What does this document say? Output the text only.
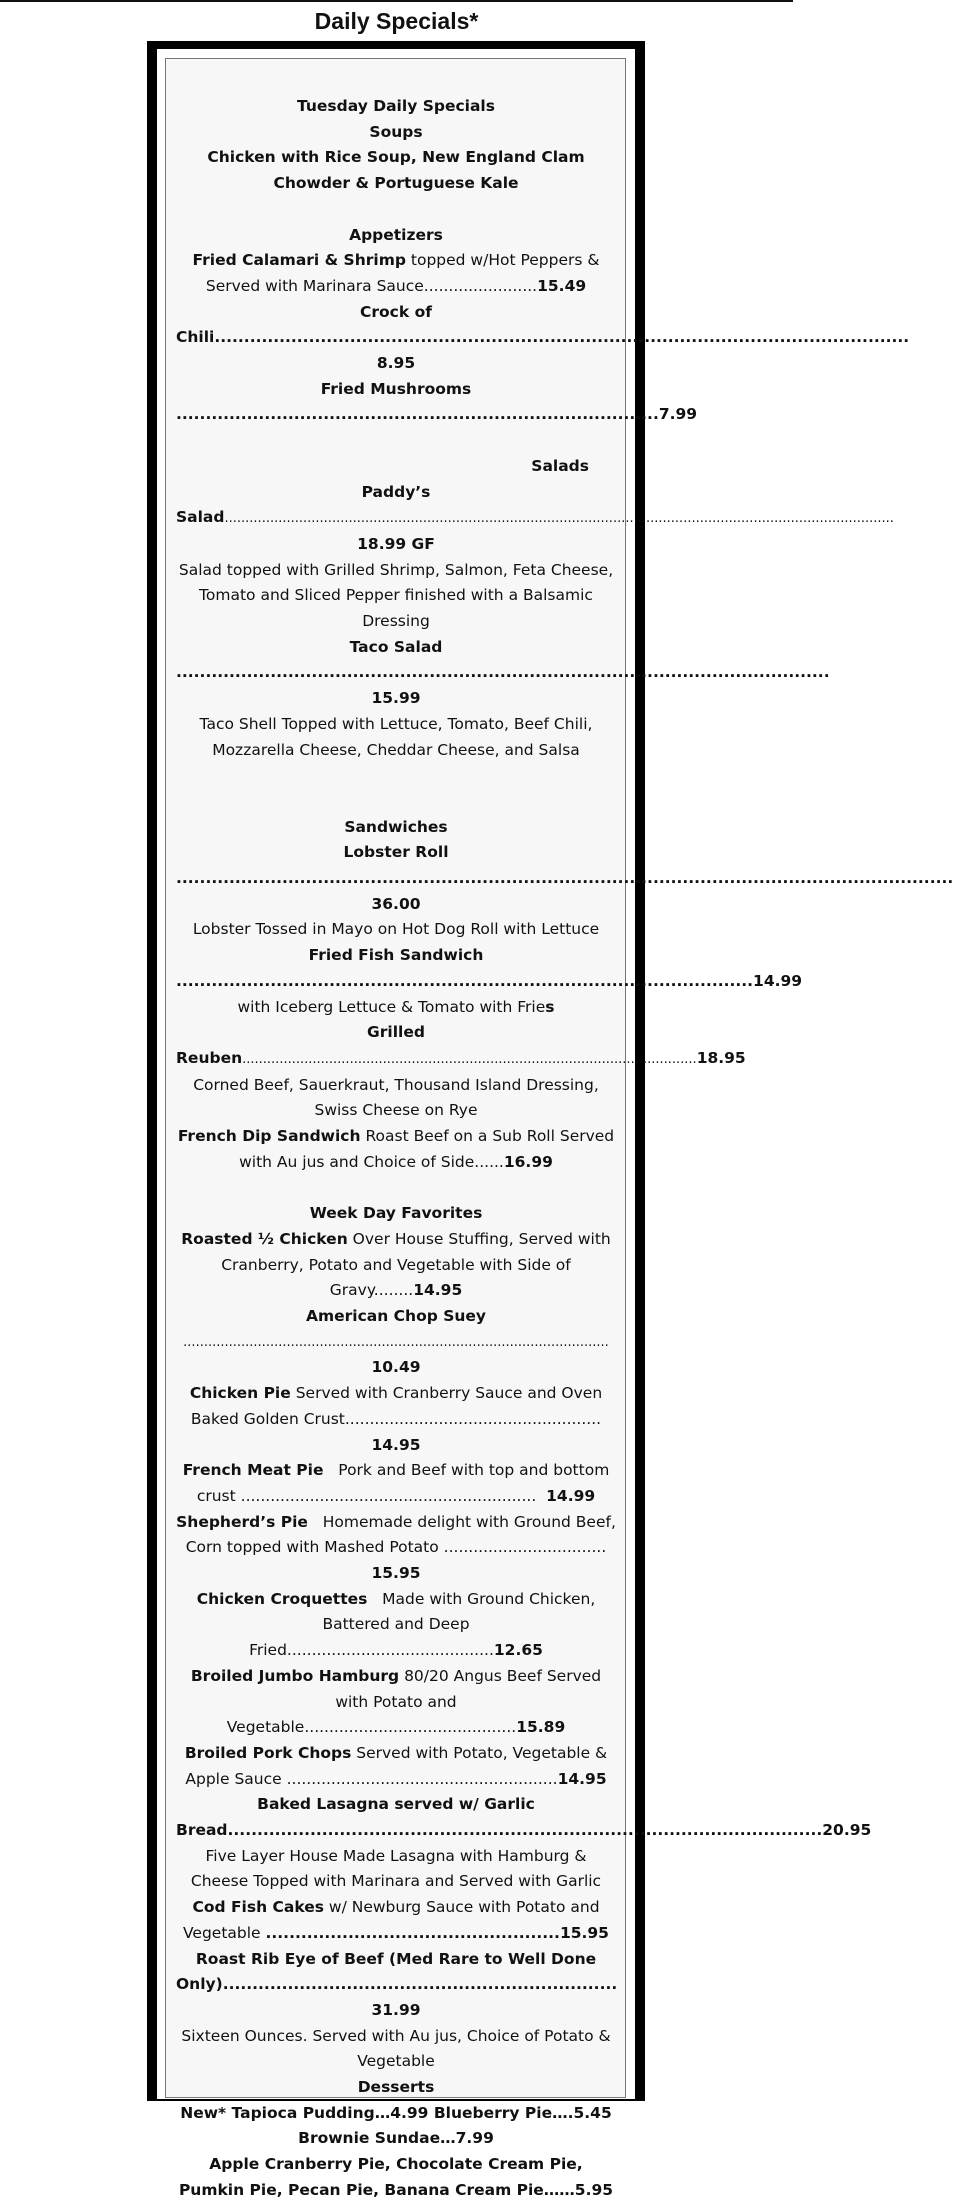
Daily Specials*

Tuesday Daily Specials

Soups

Chicken with Rice Soup, New England Clam Chowder & Portuguese Kale

Appetizers

Fried Calamari & Shrimp topped w/Hot Peppers & Served with Marinara Sauce.......................15.49

Crock of

Chili......................................................................................................................

8.95

Fried Mushrooms

..................................................................................7.99

Salads

Paddy’s

Salad..................................................................................................................................................................

18.99 GF

Salad topped with Grilled Shrimp, Salmon, Feta Cheese, Tomato and Sliced Pepper finished with a Balsamic Dressing

Taco Salad

...............................................................................................................

15.99

Taco Shell Topped with Lettuce, Tomato, Beef Chili, Mozzarella Cheese, Cheddar Cheese, and Salsa

Sandwiches

Lobster Roll

....................................................................................................................................

36.00

Lobster Tossed in Mayo on Hot Dog Roll with Lettuce

Fried Fish Sandwich

..................................................................................................14.99

with Iceberg Lettuce & Tomato with Fries

Grilled

Reuben..............................................................................................................18.95

Corned Beef, Sauerkraut, Thousand Island Dressing, Swiss Cheese on Rye

French Dip Sandwich Roast Beef on a Sub Roll Served with Au jus and Choice of Side......16.99

Week Day Favorites

Roasted ½ Chicken Over House Stuffing, Served with Cranberry, Potato and Vegetable with Side of Gravy........14.95

American Chop Suey

.......................................................................................................

10.49

Chicken Pie Served with Cranberry Sauce and Oven Baked Golden Crust.................................................... 14.95

French Meat Pie   Pork and Beef with top and bottom crust ............................................................  14.99

Shepherd’s Pie   Homemade delight with Ground Beef, Corn topped with Mashed Potato ................................. 15.95

Chicken Croquettes   Made with Ground Chicken, Battered and Deep Fried..........................................12.65

Broiled Jumbo Hamburg 80/20 Angus Beef Served with Potato and Vegetable...........................................15.89

Broiled Pork Chops Served with Potato, Vegetable & Apple Sauce .......................................................14.95

Baked Lasagna served w/ Garlic

Bread.....................................................................................................20.95

Five Layer House Made Lasagna with Hamburg & Cheese Topped with Marinara and Served with Garlic

Cod Fish Cakes w/ Newburg Sauce with Potato and Vegetable ..................................................15.95

Roast Rib Eye of Beef (Med Rare to Well Done Only)................................................................... 31.99

Sixteen Ounces. Served with Au jus, Choice of Potato & Vegetable

Desserts

New* Tapioca Pudding…4.99 Blueberry Pie….5.45

Brownie Sundae…7.99

Apple Cranberry Pie, Chocolate Cream Pie, Pumkin Pie, Pecan Pie, Banana Cream Pie……5.95
